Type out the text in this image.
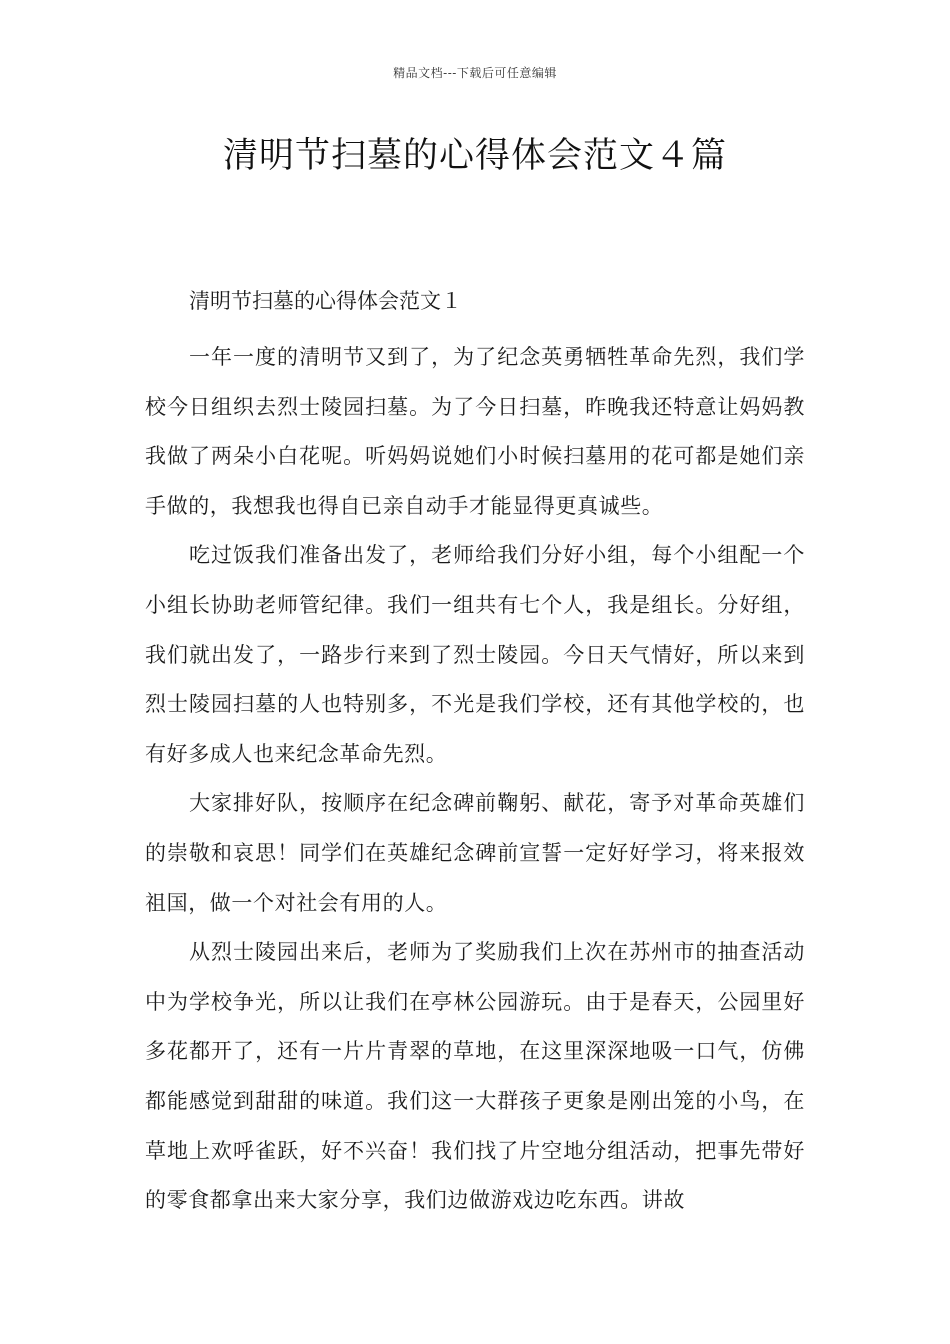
精品文档---下载后可任意编辑
清明节扫墓的心得体会范文４篇

清明节扫墓的心得体会范文１

一年一度的清明节又到了，为了纪念英勇牺牲革命先烈，我们学校今日组织去烈士陵园扫墓。为了今日扫墓，昨晚我还特意让妈妈教我做了两朵小白花呢。听妈妈说她们小时候扫墓用的花可都是她们亲手做的，我想我也得自已亲自动手才能显得更真诚些。

吃过饭我们准备出发了，老师给我们分好小组，每个小组配一个小组长协助老师管纪律。我们一组共有七个人，我是组长。分好组，我们就出发了，一路步行来到了烈士陵园。今日天气情好，所以来到烈士陵园扫墓的人也特别多，不光是我们学校，还有其他学校的，也有好多成人也来纪念革命先烈。

大家排好队，按顺序在纪念碑前鞠躬、献花，寄予对革命英雄们的崇敬和哀思！同学们在英雄纪念碑前宣誓一定好好学习，将来报效祖国，做一个对社会有用的人。

从烈士陵园出来后，老师为了奖励我们上次在苏州市的抽查活动中为学校争光，所以让我们在亭林公园游玩。由于是春天，公园里好多花都开了，还有一片片青翠的草地，在这里深深地吸一口气，仿佛都能感觉到甜甜的味道。我们这一大群孩子更象是刚出笼的小鸟，在草地上欢呼雀跃，好不兴奋！我们找了片空地分组活动，把事先带好的零食都拿出来大家分享，我们边做游戏边吃东西。讲故
